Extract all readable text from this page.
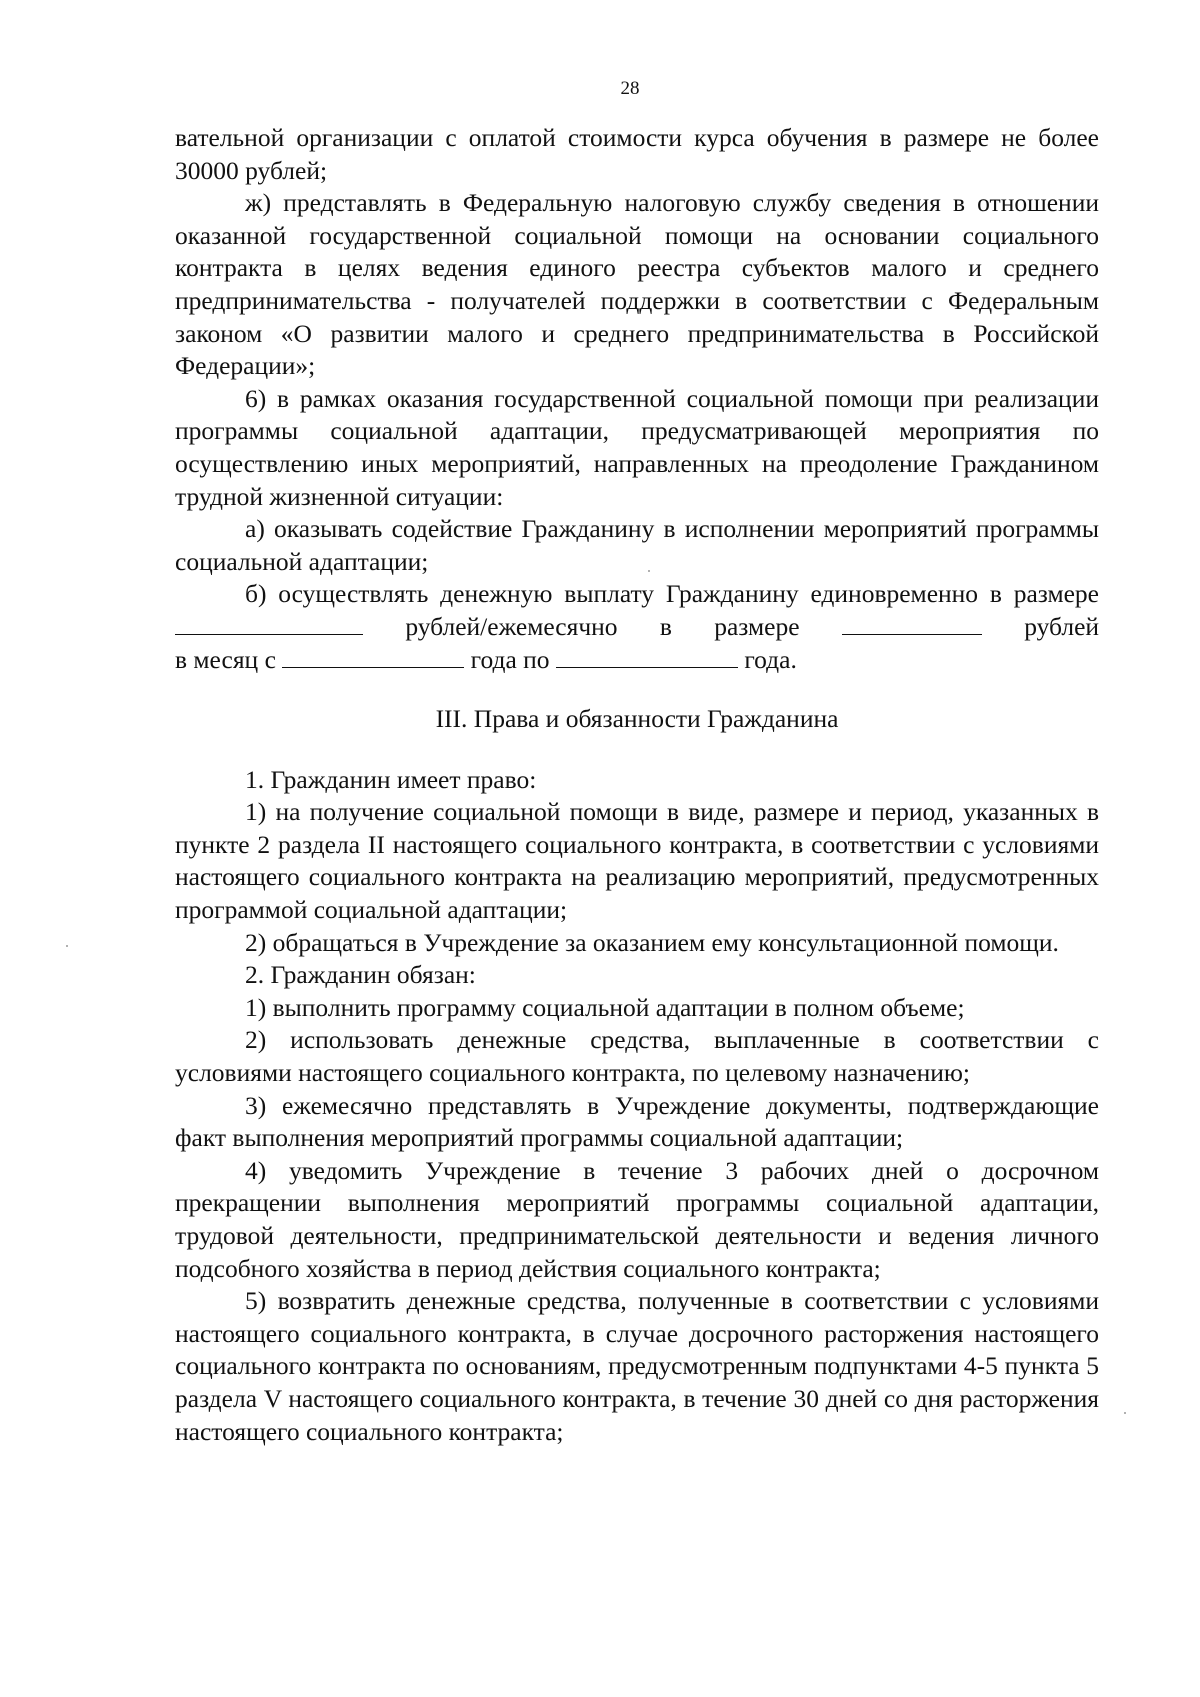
28

вательной организации с оплатой стоимости курса обучения в размере не более 30000 рублей;

ж) представлять в Федеральную налоговую службу сведения в отношении оказанной государственной социальной помощи на основании социального контракта в целях ведения единого реестра субъектов малого и среднего предпринимательства - получателей поддержки в соответствии с Федеральным законом «О развитии малого и среднего предпринимательства в Российской Федерации»;

6) в рамках оказания государственной социальной помощи при реализации программы социальной адаптации, предусматривающей мероприятия по осуществлению иных мероприятий, направленных на преодоление Гражданином трудной жизненной ситуации:

а) оказывать содействие Гражданину в исполнении мероприятий программы социальной адаптации;

б) осуществлять денежную выплату Гражданину единовременно в размере

рублей/ежемесячно в размере	рублей

в месяц с	года по	года.

III. Права и обязанности Гражданина

1. Гражданин имеет право:

1) на получение социальной помощи в виде, размере и период, указанных в пункте 2 раздела II настоящего социального контракта, в соответствии с условиями настоящего социального контракта на реализацию мероприятий, предусмотренных программой социальной адаптации;

2) обращаться в Учреждение за оказанием ему консультационной помощи.

2. Гражданин обязан:

1) выполнить программу социальной адаптации в полном объеме;

2) использовать денежные средства, выплаченные в соответствии с условиями настоящего социального контракта, по целевому назначению;

3) ежемесячно представлять в Учреждение документы, подтверждающие факт выполнения мероприятий программы социальной адаптации;

4) уведомить Учреждение в течение 3 рабочих дней о досрочном прекращении выполнения мероприятий программы социальной адаптации, трудовой деятельности, предпринимательской деятельности и ведения личного подсобного хозяйства в период действия социального контракта;

5) возвратить денежные средства, полученные в соответствии с условиями настоящего социального контракта, в случае досрочного расторжения настоящего социального контракта по основаниям, предусмотренным подпунктами 4-5 пункта 5 раздела V настоящего социального контракта, в течение 30 дней со дня расторжения настоящего социального контракта;
